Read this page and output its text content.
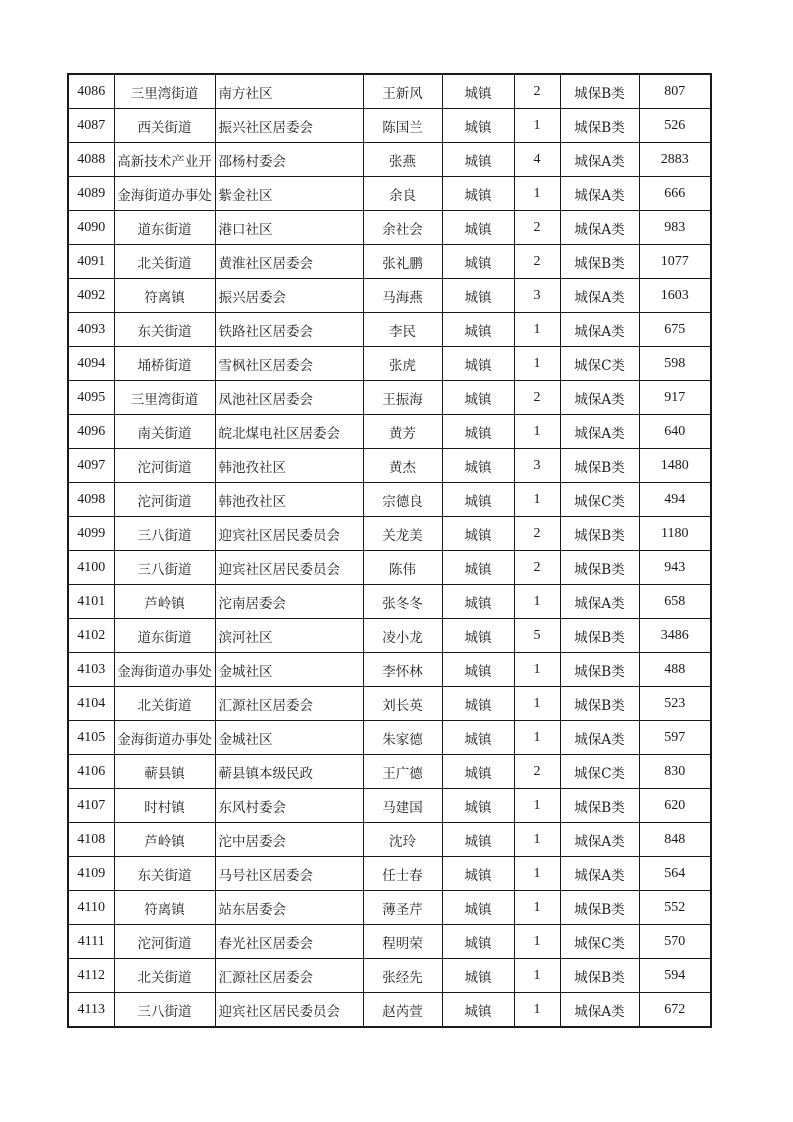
4086	三里湾街道	南方社区	王新风	城镇	2	城保B类	807
4087	西关街道	振兴社区居委会	陈国兰	城镇	1	城保B类	526
4088	高新技术产业开	邵杨村委会	张燕	城镇	4	城保A类	2883
4089	金海街道办事处	紫金社区	余良	城镇	1	城保A类	666
4090	道东街道	港口社区	余社会	城镇	2	城保A类	983
4091	北关街道	黄淮社区居委会	张礼鹏	城镇	2	城保B类	1077
4092	符离镇	振兴居委会	马海燕	城镇	3	城保A类	1603
4093	东关街道	铁路社区居委会	李民	城镇	1	城保A类	675
4094	埇桥街道	雪枫社区居委会	张虎	城镇	1	城保C类	598
4095	三里湾街道	凤池社区居委会	王振海	城镇	2	城保A类	917
4096	南关街道	皖北煤电社区居委会	黄芳	城镇	1	城保A类	640
4097	沱河街道	韩池孜社区	黄杰	城镇	3	城保B类	1480
4098	沱河街道	韩池孜社区	宗德良	城镇	1	城保C类	494
4099	三八街道	迎宾社区居民委员会	关龙美	城镇	2	城保B类	1180
4100	三八街道	迎宾社区居民委员会	陈伟	城镇	2	城保B类	943
4101	芦岭镇	沱南居委会	张冬冬	城镇	1	城保A类	658
4102	道东街道	滨河社区	凌小龙	城镇	5	城保B类	3486
4103	金海街道办事处	金城社区	李怀林	城镇	1	城保B类	488
4104	北关街道	汇源社区居委会	刘长英	城镇	1	城保B类	523
4105	金海街道办事处	金城社区	朱家德	城镇	1	城保A类	597
4106	蕲县镇	蕲县镇本级民政	王广德	城镇	2	城保C类	830
4107	时村镇	东风村委会	马建国	城镇	1	城保B类	620
4108	芦岭镇	沱中居委会	沈玲	城镇	1	城保A类	848
4109	东关街道	马号社区居委会	任士春	城镇	1	城保A类	564
4110	符离镇	站东居委会	薄圣芹	城镇	1	城保B类	552
4111	沱河街道	春光社区居委会	程明荣	城镇	1	城保C类	570
4112	北关街道	汇源社区居委会	张经先	城镇	1	城保B类	594
4113	三八街道	迎宾社区居民委员会	赵芮萱	城镇	1	城保A类	672
